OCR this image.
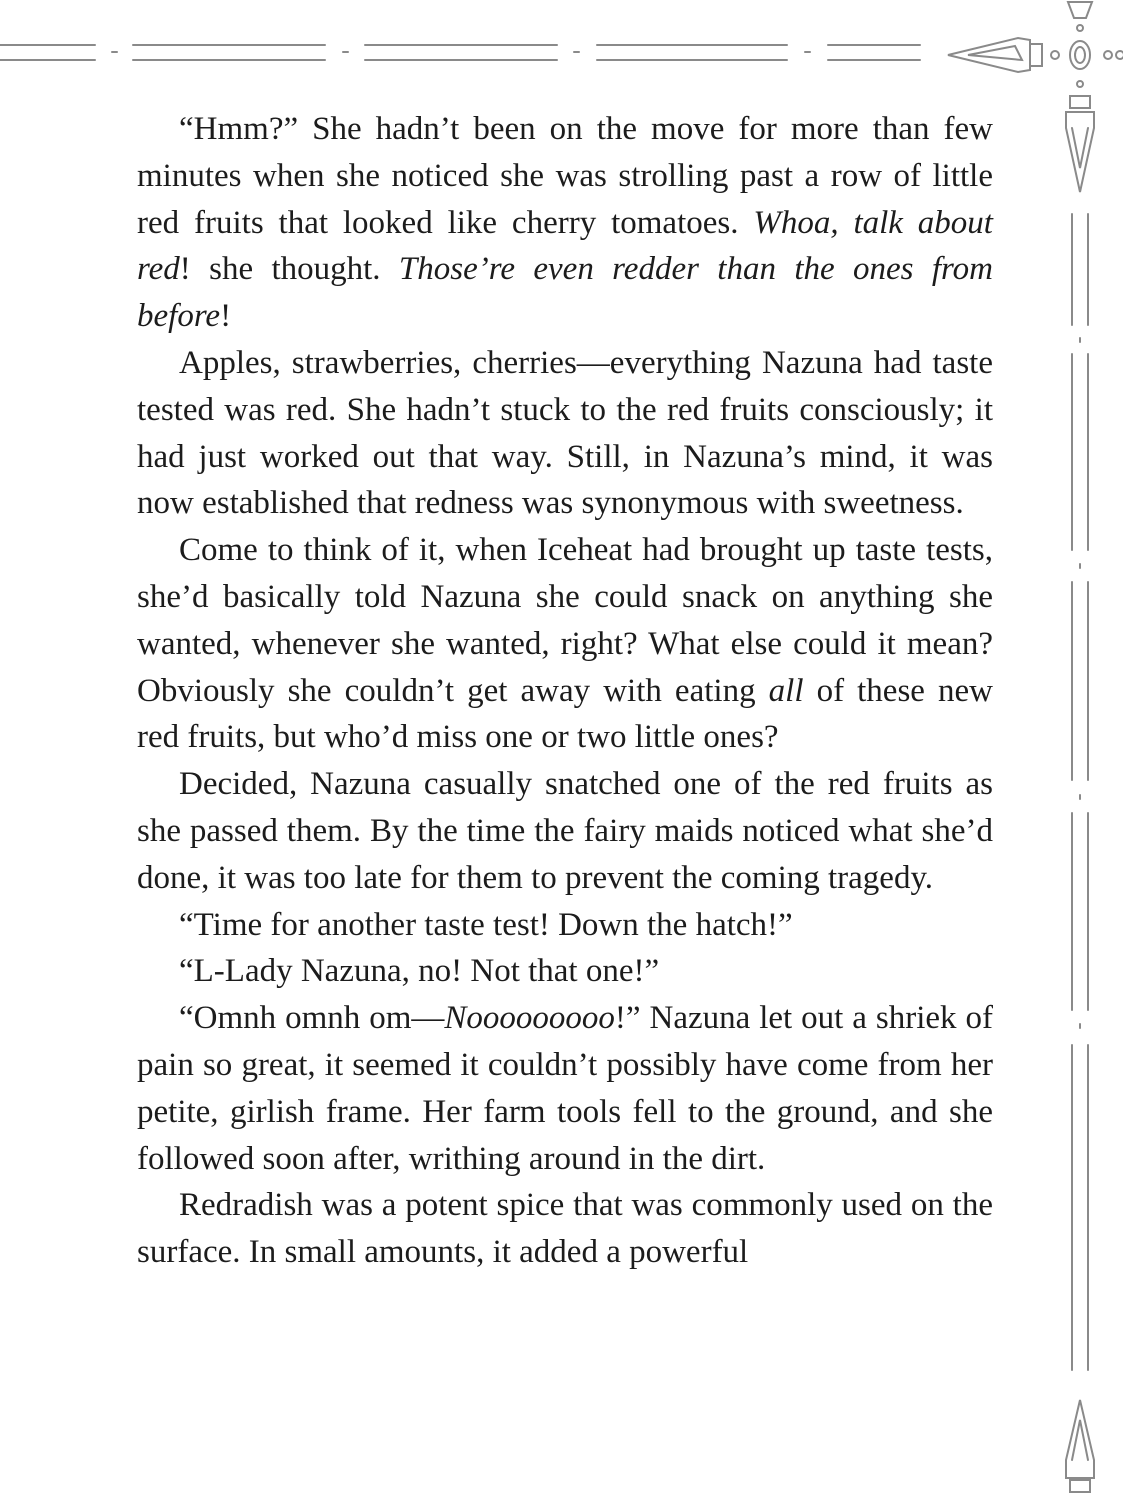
“Hmm?” She hadn’t been on the move for more than few minutes when she noticed she was strolling past a row of little red fruits that looked like cherry tomatoes. Whoa, talk about red! she thought. Those’re even redder than the ones from before!

Apples, strawberries, cherries—everything Nazuna had taste tested was red. She hadn’t stuck to the red fruits consciously; it had just worked out that way. Still, in Nazuna’s mind, it was now established that redness was synonymous with sweetness.

Come to think of it, when Iceheat had brought up taste tests, she’d basically told Nazuna she could snack on anything she wanted, whenever she wanted, right? What else could it mean? Obviously she couldn’t get away with eating all of these new red fruits, but who’d miss one or two little ones?

Decided, Nazuna casually snatched one of the red fruits as she passed them. By the time the fairy maids noticed what she’d done, it was too late for them to prevent the coming tragedy.

“Time for another taste test! Down the hatch!”

“L-Lady Nazuna, no! Not that one!”

“Omnh omnh om—Nooooooooo!” Nazuna let out a shriek of pain so great, it seemed it couldn’t possibly have come from her petite, girlish frame. Her farm tools fell to the ground, and she followed soon after, writhing around in the dirt.

Redradish was a potent spice that was commonly used on the surface. In small amounts, it added a powerful
